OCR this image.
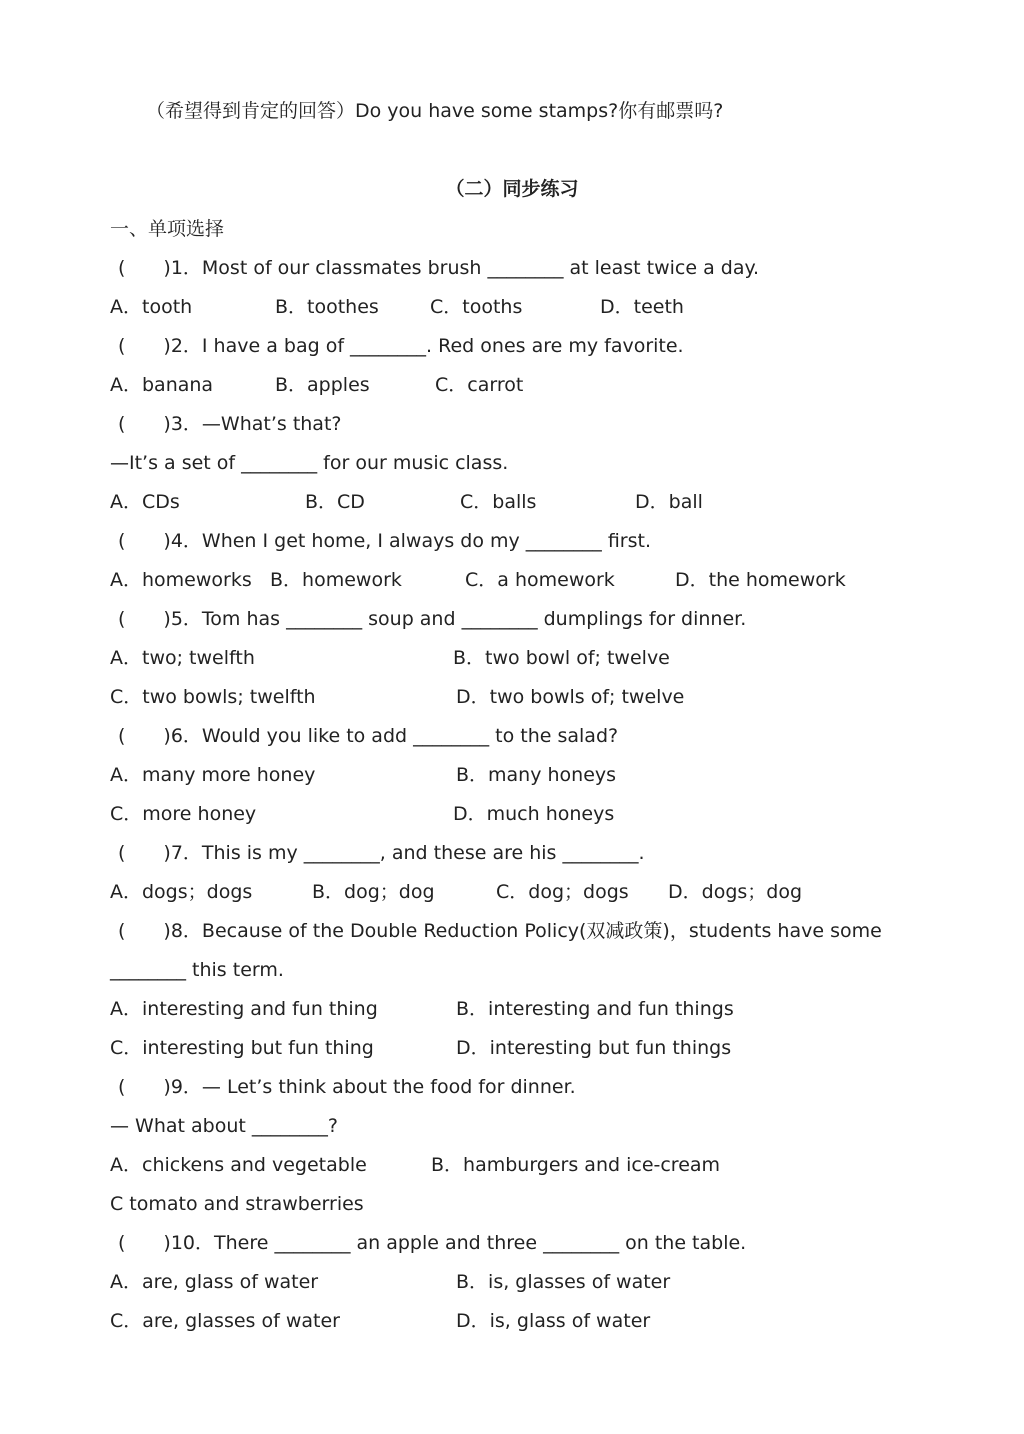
（希望得到肯定的回答）Do you have some stamps?你有邮票吗?
（二）同步练习
一、单项选择
(　　)1．Most of our classmates brush ________ at least twice a day.
A．tooth	B．toothes	C．tooths	D．teeth
(　　)2．I have a bag of ________. Red ones are my favorite.
A．banana	B．apples	C．carrot
(　　)3．—What’s that?
—It’s a set of ________ for our music class.
A．CDs	B．CD	C．balls	D．ball
(　　)4．When I get home, I always do my ________ first.
A．homeworks B．homework	C．a homework	D．the homework
(　　)5．Tom has ________ soup and ________ dumplings for dinner.
A．two; twelfth	B．two bowl of; twelve
C．two bowls; twelfth	D．two bowls of; twelve
(　　)6．Would you like to add ________ to the salad?
A．many more honey	B．many honeys
C．more honey	D．much honeys
(　　)7．This is my ________, and these are his ________.
A．dogs；dogs	B．dog；dog	C．dog；dogs D．dogs；dog
(　　)8．Because of the Double Reduction Policy(双减政策)，students have some
________ this term.
A．interesting and fun thing	B．interesting and fun things
C．interesting but fun thing	D．interesting but fun things
(　　)9．— Let’s think about the food for dinner.
— What about ________?
A．chickens and vegetable	B．hamburgers and ice-cream
C tomato and strawberries
(　　)10．There ________ an apple and three ________ on the table.
A．are, glass of water	B．is, glasses of water
C．are, glasses of water	D．is, glass of water
